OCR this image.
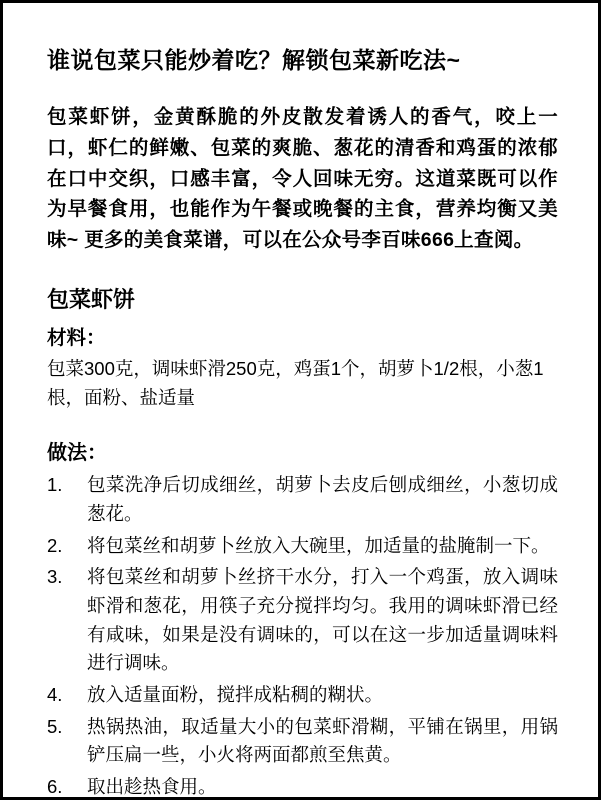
谁说包菜只能炒着吃？解锁包菜新吃法~

包菜虾饼，金黄酥脆的外皮散发着诱人的香气，咬上一口，虾仁的鲜嫩、包菜的爽脆、葱花的清香和鸡蛋的浓郁在口中交织，口感丰富，令人回味无穷。这道菜既可以作为早餐食用，也能作为午餐或晚餐的主食，营养均衡又美味~ 更多的美食菜谱，可以在公众号李百味666上查阅。

包菜虾饼
材料：

包菜300克，调味虾滑250克，鸡蛋1个，胡萝卜1/2根，小葱1根，面粉、盐适量

做法：
1.	包菜洗净后切成细丝，胡萝卜去皮后刨成细丝，小葱切成葱花。
2.	将包菜丝和胡萝卜丝放入大碗里，加适量的盐腌制一下。
3.	将包菜丝和胡萝卜丝挤干水分，打入一个鸡蛋，放入调味虾滑和葱花，用筷子充分搅拌均匀。我用的调味虾滑已经有咸味，如果是没有调味的，可以在这一步加适量调味料进行调味。
4.	放入适量面粉，搅拌成粘稠的糊状。
5.	热锅热油，取适量大小的包菜虾滑糊，平铺在锅里，用锅铲压扁一些，小火将两面都煎至焦黄。
6.	取出趁热食用。
